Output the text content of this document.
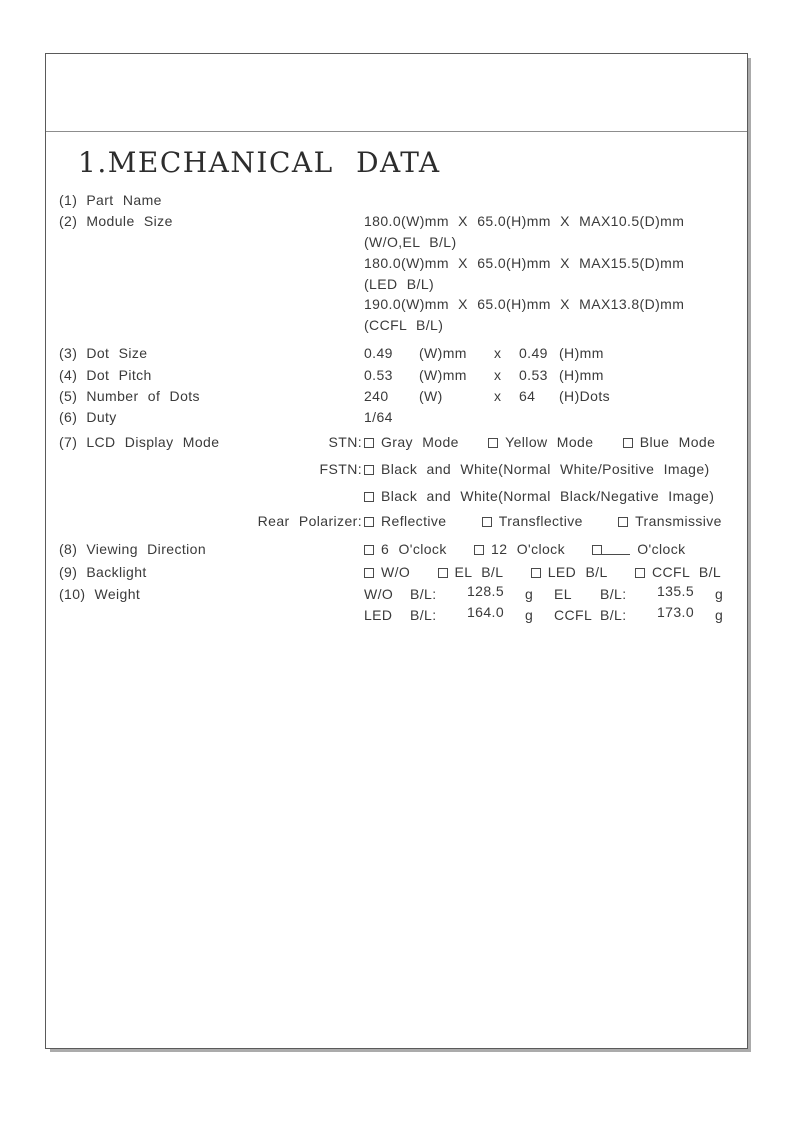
1.MECHANICAL DATA
(1) Part Name
(2) Module Size	180.0(W)mm X 65.0(H)mm X MAX10.5(D)mm
(W/O,EL B/L)
180.0(W)mm X 65.0(H)mm X MAX15.5(D)mm
(LED B/L)
190.0(W)mm X 65.0(H)mm X MAX13.8(D)mm
(CCFL B/L)
(3) Dot Size	0.49 (W)mm x 0.49 (H)mm
(4) Dot Pitch	0.53 (W)mm x 0.53 (H)mm
(5) Number of Dots	240 (W)	x 64 (H)Dots
(6) Duty	1/64
(7) LCD Display Mode	STN:	Gray Mode	Yellow Mode	Blue Mode
FSTN:	Black and White(Normal White/Positive Image)
Black and White(Normal Black/Negative Image)
Rear Polarizer:	Reflective	Transflective	Transmissive
(8) Viewing Direction	6 O'clock	12 O'clock	O'clock
(9) Backlight	W/O	EL B/L	LED B/L	CCFL B/L
(10) Weight	W/O B/L: 128.5 g EL B/L: 135.5 g
LED B/L: 164.0 g CCFL B/L: 173.0 g
